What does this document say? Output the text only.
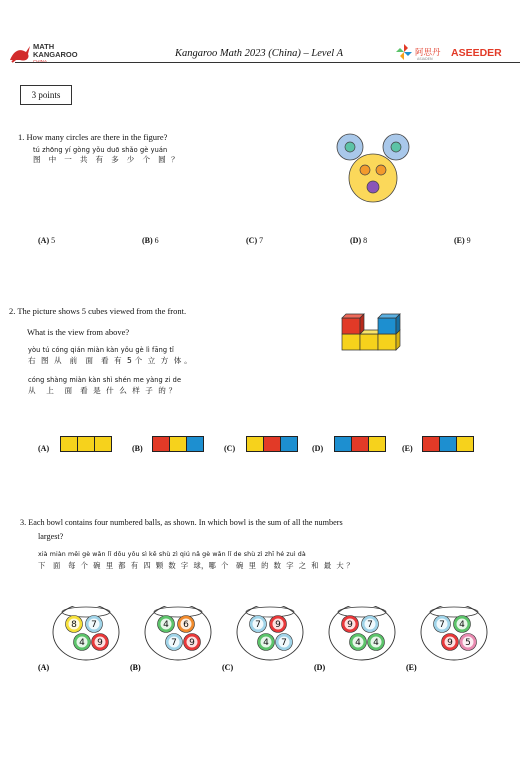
MATH
KANGAROO
CHINA
Kangaroo Math 2023 (China) – Level A	阿思丹
ASIADEN ASEEDER
3 points
1. How many circles are there in the figure?
tú zhōng yí gòng yǒu duō shǎo gè yuán
图   中   一   共   有   多   少   个   圆  ？
(A) 5	(B) 6	(C) 7	(D) 8	(E) 9
2. The picture shows 5 cubes viewed from the front.
What is the view from above?
yòu tú cóng qián miàn kàn yǒu gè lì fāng tǐ
右  图  从   前   面   看  有  5 个  立  方  体 。
cóng shàng miàn kàn shì shén me yàng zi de
从    上    面   看  是  什  么  样  子  的 ？
(A)	(B)	(C)	(D)	(E)
3. Each bowl contains four numbered balls, as shown. In which bowl is the sum of all the numbers
largest?
xià miàn měi gè wǎn lǐ dōu yǒu sì kē shù zì qiú nǎ gè wǎn lǐ de shù zì zhī hé zuì dà
下   面   每  个  碗  里  都  有  四  颗  数  字  球，哪  个   碗  里  的  数  字  之  和  最  大 ？
8 7
4 9
(A)
4 6
7 9
(B)
7 9
4 7
(C)
9 7
4 4
(D)
7 4
9 5
(E)
